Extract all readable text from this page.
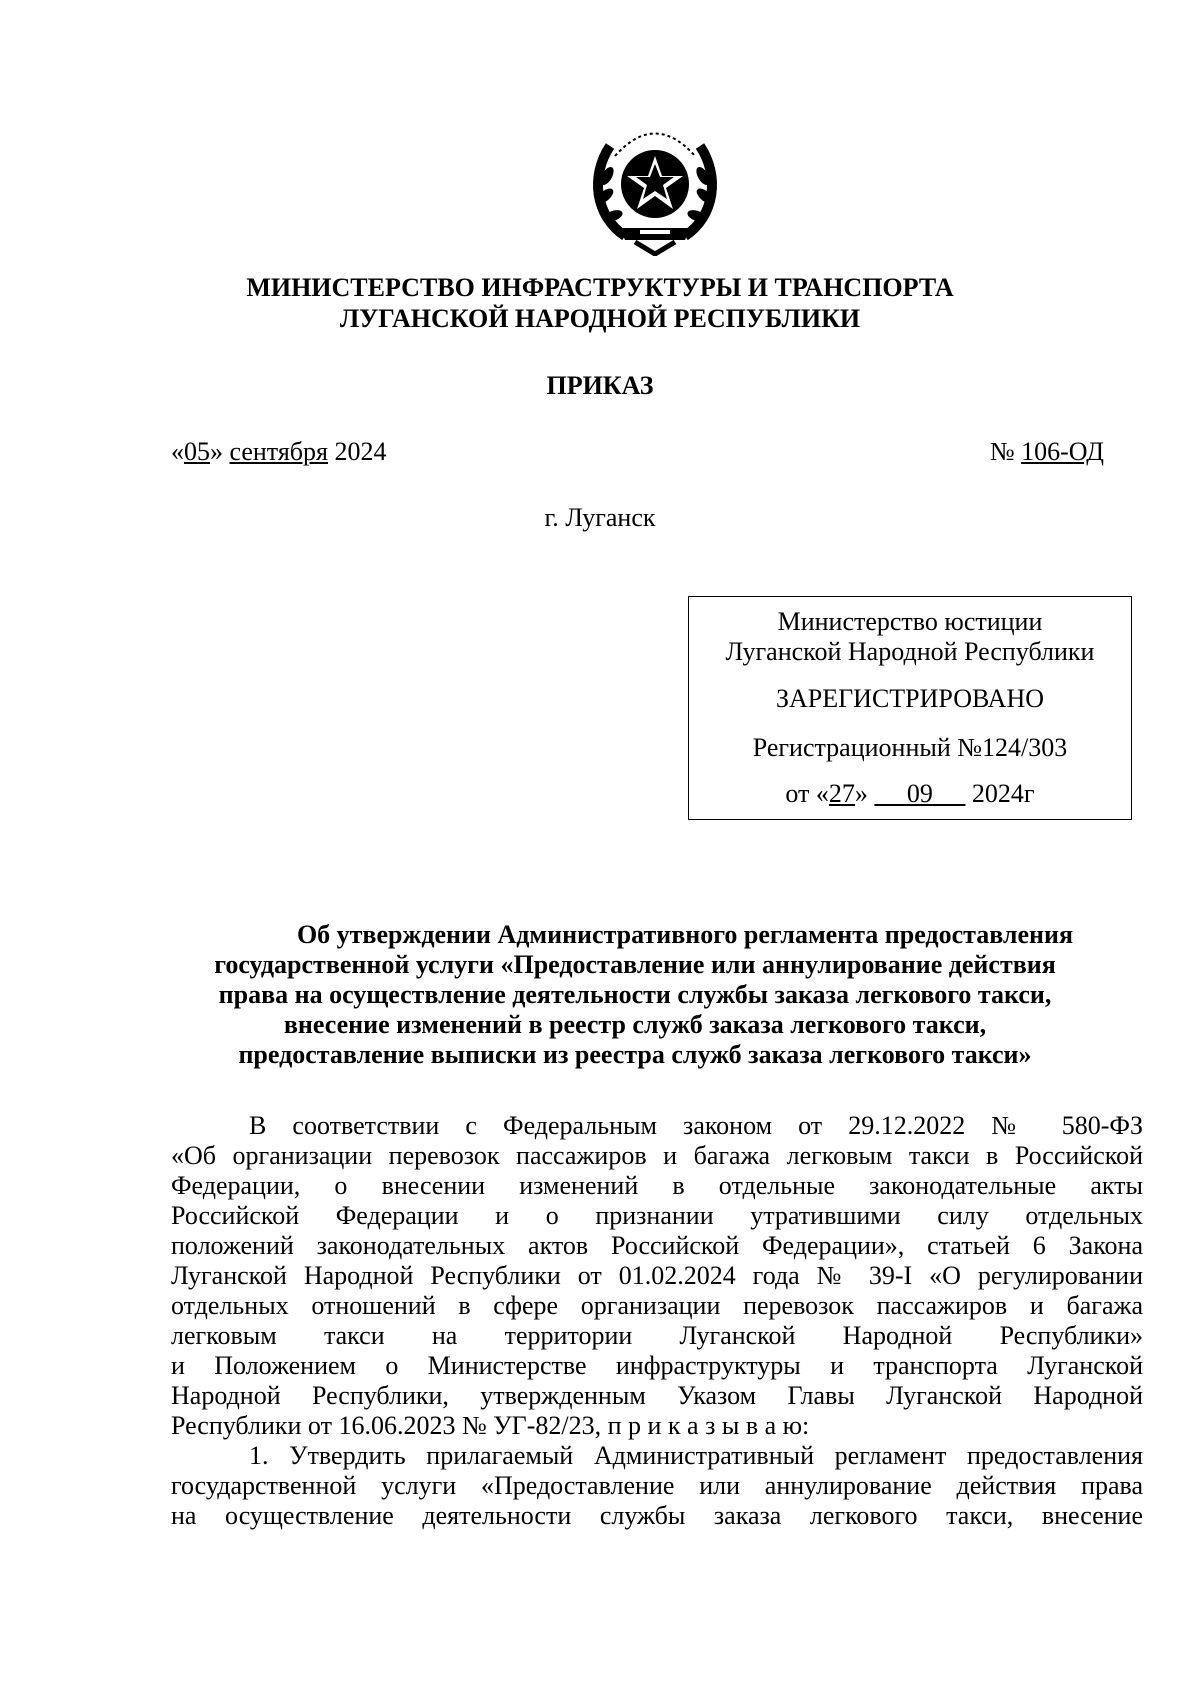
МИНИСТЕРСТВО ИНФРАСТРУКТУРЫ И ТРАНСПОРТА
ЛУГАНСКОЙ НАРОДНОЙ РЕСПУБЛИКИ
ПРИКАЗ
«05» сентября 2024	№ 106-ОД
г. Луганск
Министерство юстиции
Луганской Народной Республики
ЗАРЕГИСТРИРОВАНО
Регистрационный №124/303
от «27» 09 2024г
Об утверждении Административного регламента предоставления
государственной услуги «Предоставление или аннулирование действия
права на осуществление деятельности службы заказа легкового такси,
внесение изменений в реестр служб заказа легкового такси,
предоставление выписки из реестра служб заказа легкового такси»
В соответствии с Федеральным законом от 29.12.2022 № 580-ФЗ
«Об организации перевозок пассажиров и багажа легковым такси в Российской
Федерации, о внесении изменений в отдельные законодательные акты
Российской Федерации и о признании утратившими силу отдельных
положений законодательных актов Российской Федерации», статьей 6 Закона
Луганской Народной Республики от 01.02.2024 года № 39-I «О регулировании
отдельных отношений в сфере организации перевозок пассажиров и багажа
легковым такси на территории Луганской Народной Республики»
и Положением о Министерстве инфраструктуры и транспорта Луганской
Народной Республики, утвержденным Указом Главы Луганской Народной
Республики от 16.06.2023 № УГ-82/23, п р и к а з ы в а ю:
1. Утвердить прилагаемый Административный регламент предоставления
государственной услуги «Предоставление или аннулирование действия права
на осуществление деятельности службы заказа легкового такси, внесение
